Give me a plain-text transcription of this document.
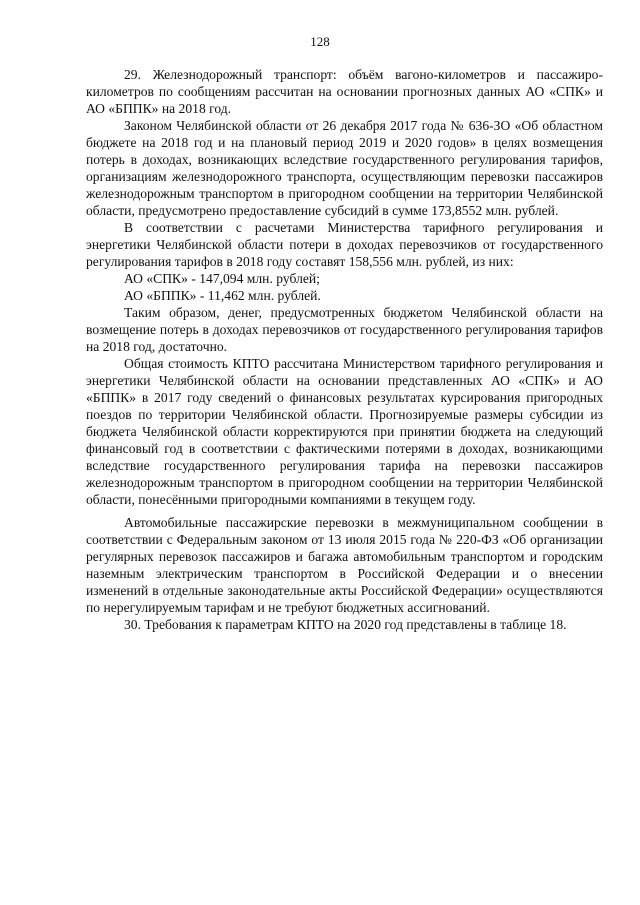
128

29. Железнодорожный транспорт: объём вагоно-километров и пассажиро-километров по сообщениям рассчитан на основании прогнозных данных АО «СПК» и АО «БППК» на 2018 год.

Законом Челябинской области от 26 декабря 2017 года № 636-ЗО «Об областном бюджете на 2018 год и на плановый период 2019 и 2020 годов» в целях возмещения потерь в доходах, возникающих вследствие государственного регулирования тарифов, организациям железнодорожного транспорта, осуществляющим перевозки пассажиров железнодорожным транспортом в пригородном сообщении на территории Челябинской области, предусмотрено предоставление субсидий в сумме 173,8552 млн. рублей.

В соответствии с расчетами Министерства тарифного регулирования и энергетики Челябинской области потери в доходах перевозчиков от государственного регулирования тарифов в 2018 году составят 158,556 млн. рублей, из них:

АО «СПК» - 147,094 млн. рублей;

АО «БППК» - 11,462 млн. рублей.

Таким образом, денег, предусмотренных бюджетом Челябинской области на возмещение потерь в доходах перевозчиков от государственного регулирования тарифов на 2018 год, достаточно.

Общая стоимость КПТО рассчитана Министерством тарифного регулирования и энергетики Челябинской области на основании представленных АО «СПК» и АО «БППК» в 2017 году сведений о финансовых результатах курсирования пригородных поездов по территории Челябинской области. Прогнозируемые размеры субсидии из бюджета Челябинской области корректируются при принятии бюджета на следующий финансовый год в соответствии с фактическими потерями в доходах, возникающими вследствие государственного регулирования тарифа на перевозки пассажиров железнодорожным транспортом в пригородном сообщении на территории Челябинской области, понесёнными пригородными компаниями в текущем году.

Автомобильные пассажирские перевозки в межмуниципальном сообщении в соответствии с Федеральным законом от 13 июля 2015 года № 220-ФЗ «Об организации регулярных перевозок пассажиров и багажа автомобильным транспортом и городским наземным электрическим транспортом в Российской Федерации и о внесении изменений в отдельные законодательные акты Российской Федерации» осуществляются по нерегулируемым тарифам и не требуют бюджетных ассигнований.

30. Требования к параметрам КПТО на 2020 год представлены в таблице 18.
